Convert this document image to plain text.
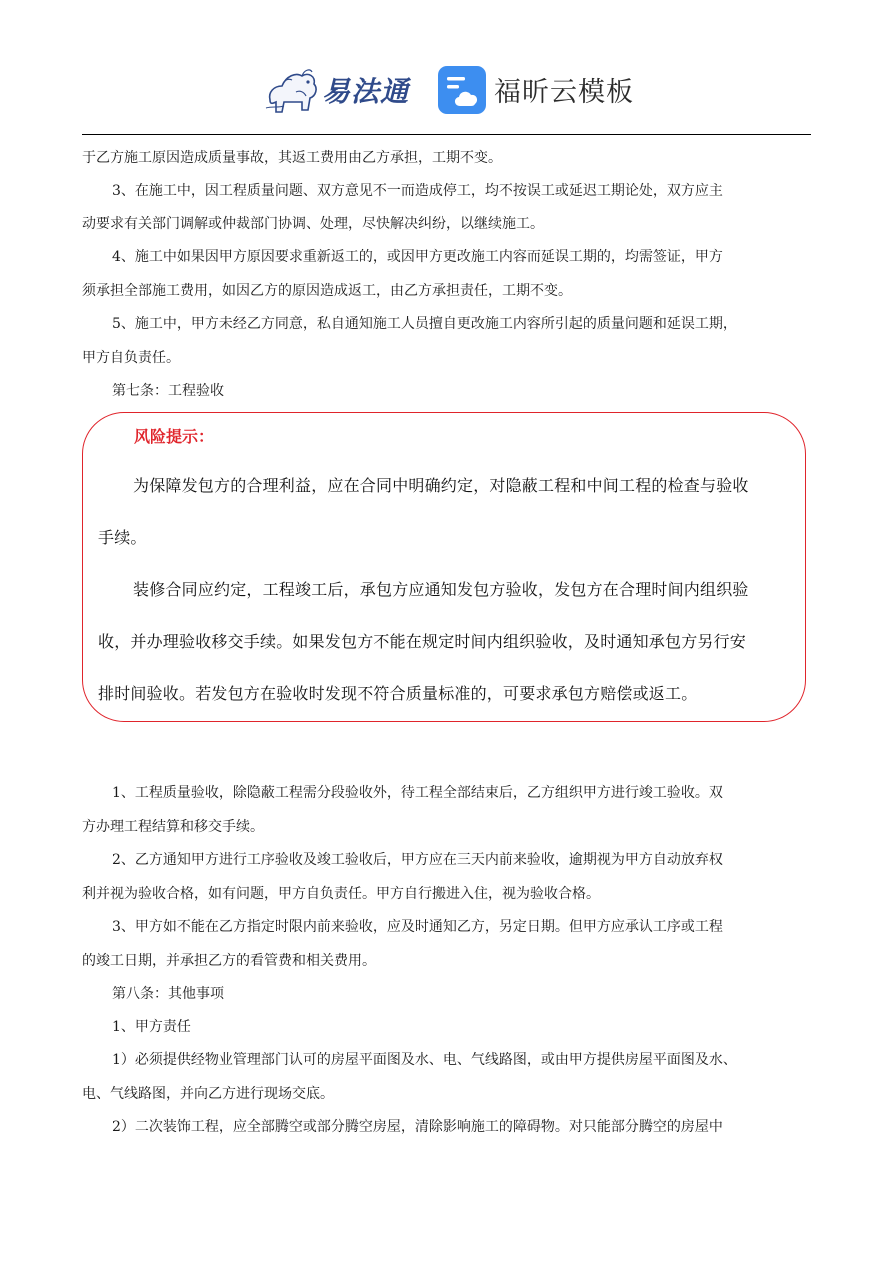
易法通	福昕云模板
于乙方施工原因造成质量事故，其返工费用由乙方承担，工期不变。
3、在施工中，因工程质量问题、双方意见不一而造成停工，均不按误工或延迟工期论处，双方应主
动要求有关部门调解或仲裁部门协调、处理，尽快解决纠纷，以继续施工。
4、施工中如果因甲方原因要求重新返工的，或因甲方更改施工内容而延误工期的，均需签证，甲方
须承担全部施工费用，如因乙方的原因造成返工，由乙方承担责任，工期不变。
5、施工中，甲方未经乙方同意，私自通知施工人员擅自更改施工内容所引起的质量问题和延误工期，
甲方自负责任。
第七条：工程验收
风险提示：
为保障发包方的合理利益，应在合同中明确约定，对隐蔽工程和中间工程的检查与验收
手续。
装修合同应约定，工程竣工后，承包方应通知发包方验收，发包方在合理时间内组织验
收，并办理验收移交手续。如果发包方不能在规定时间内组织验收，及时通知承包方另行安
排时间验收。若发包方在验收时发现不符合质量标准的，可要求承包方赔偿或返工。
1、工程质量验收，除隐蔽工程需分段验收外，待工程全部结束后，乙方组织甲方进行竣工验收。双
方办理工程结算和移交手续。
2、乙方通知甲方进行工序验收及竣工验收后，甲方应在三天内前来验收，逾期视为甲方自动放弃权
利并视为验收合格，如有问题，甲方自负责任。甲方自行搬进入住，视为验收合格。
3、甲方如不能在乙方指定时限内前来验收，应及时通知乙方，另定日期。但甲方应承认工序或工程
的竣工日期，并承担乙方的看管费和相关费用。
第八条：其他事项
1、甲方责任
1）必须提供经物业管理部门认可的房屋平面图及水、电、气线路图，或由甲方提供房屋平面图及水、
电、气线路图，并向乙方进行现场交底。
2）二次装饰工程，应全部腾空或部分腾空房屋，清除影响施工的障碍物。对只能部分腾空的房屋中
